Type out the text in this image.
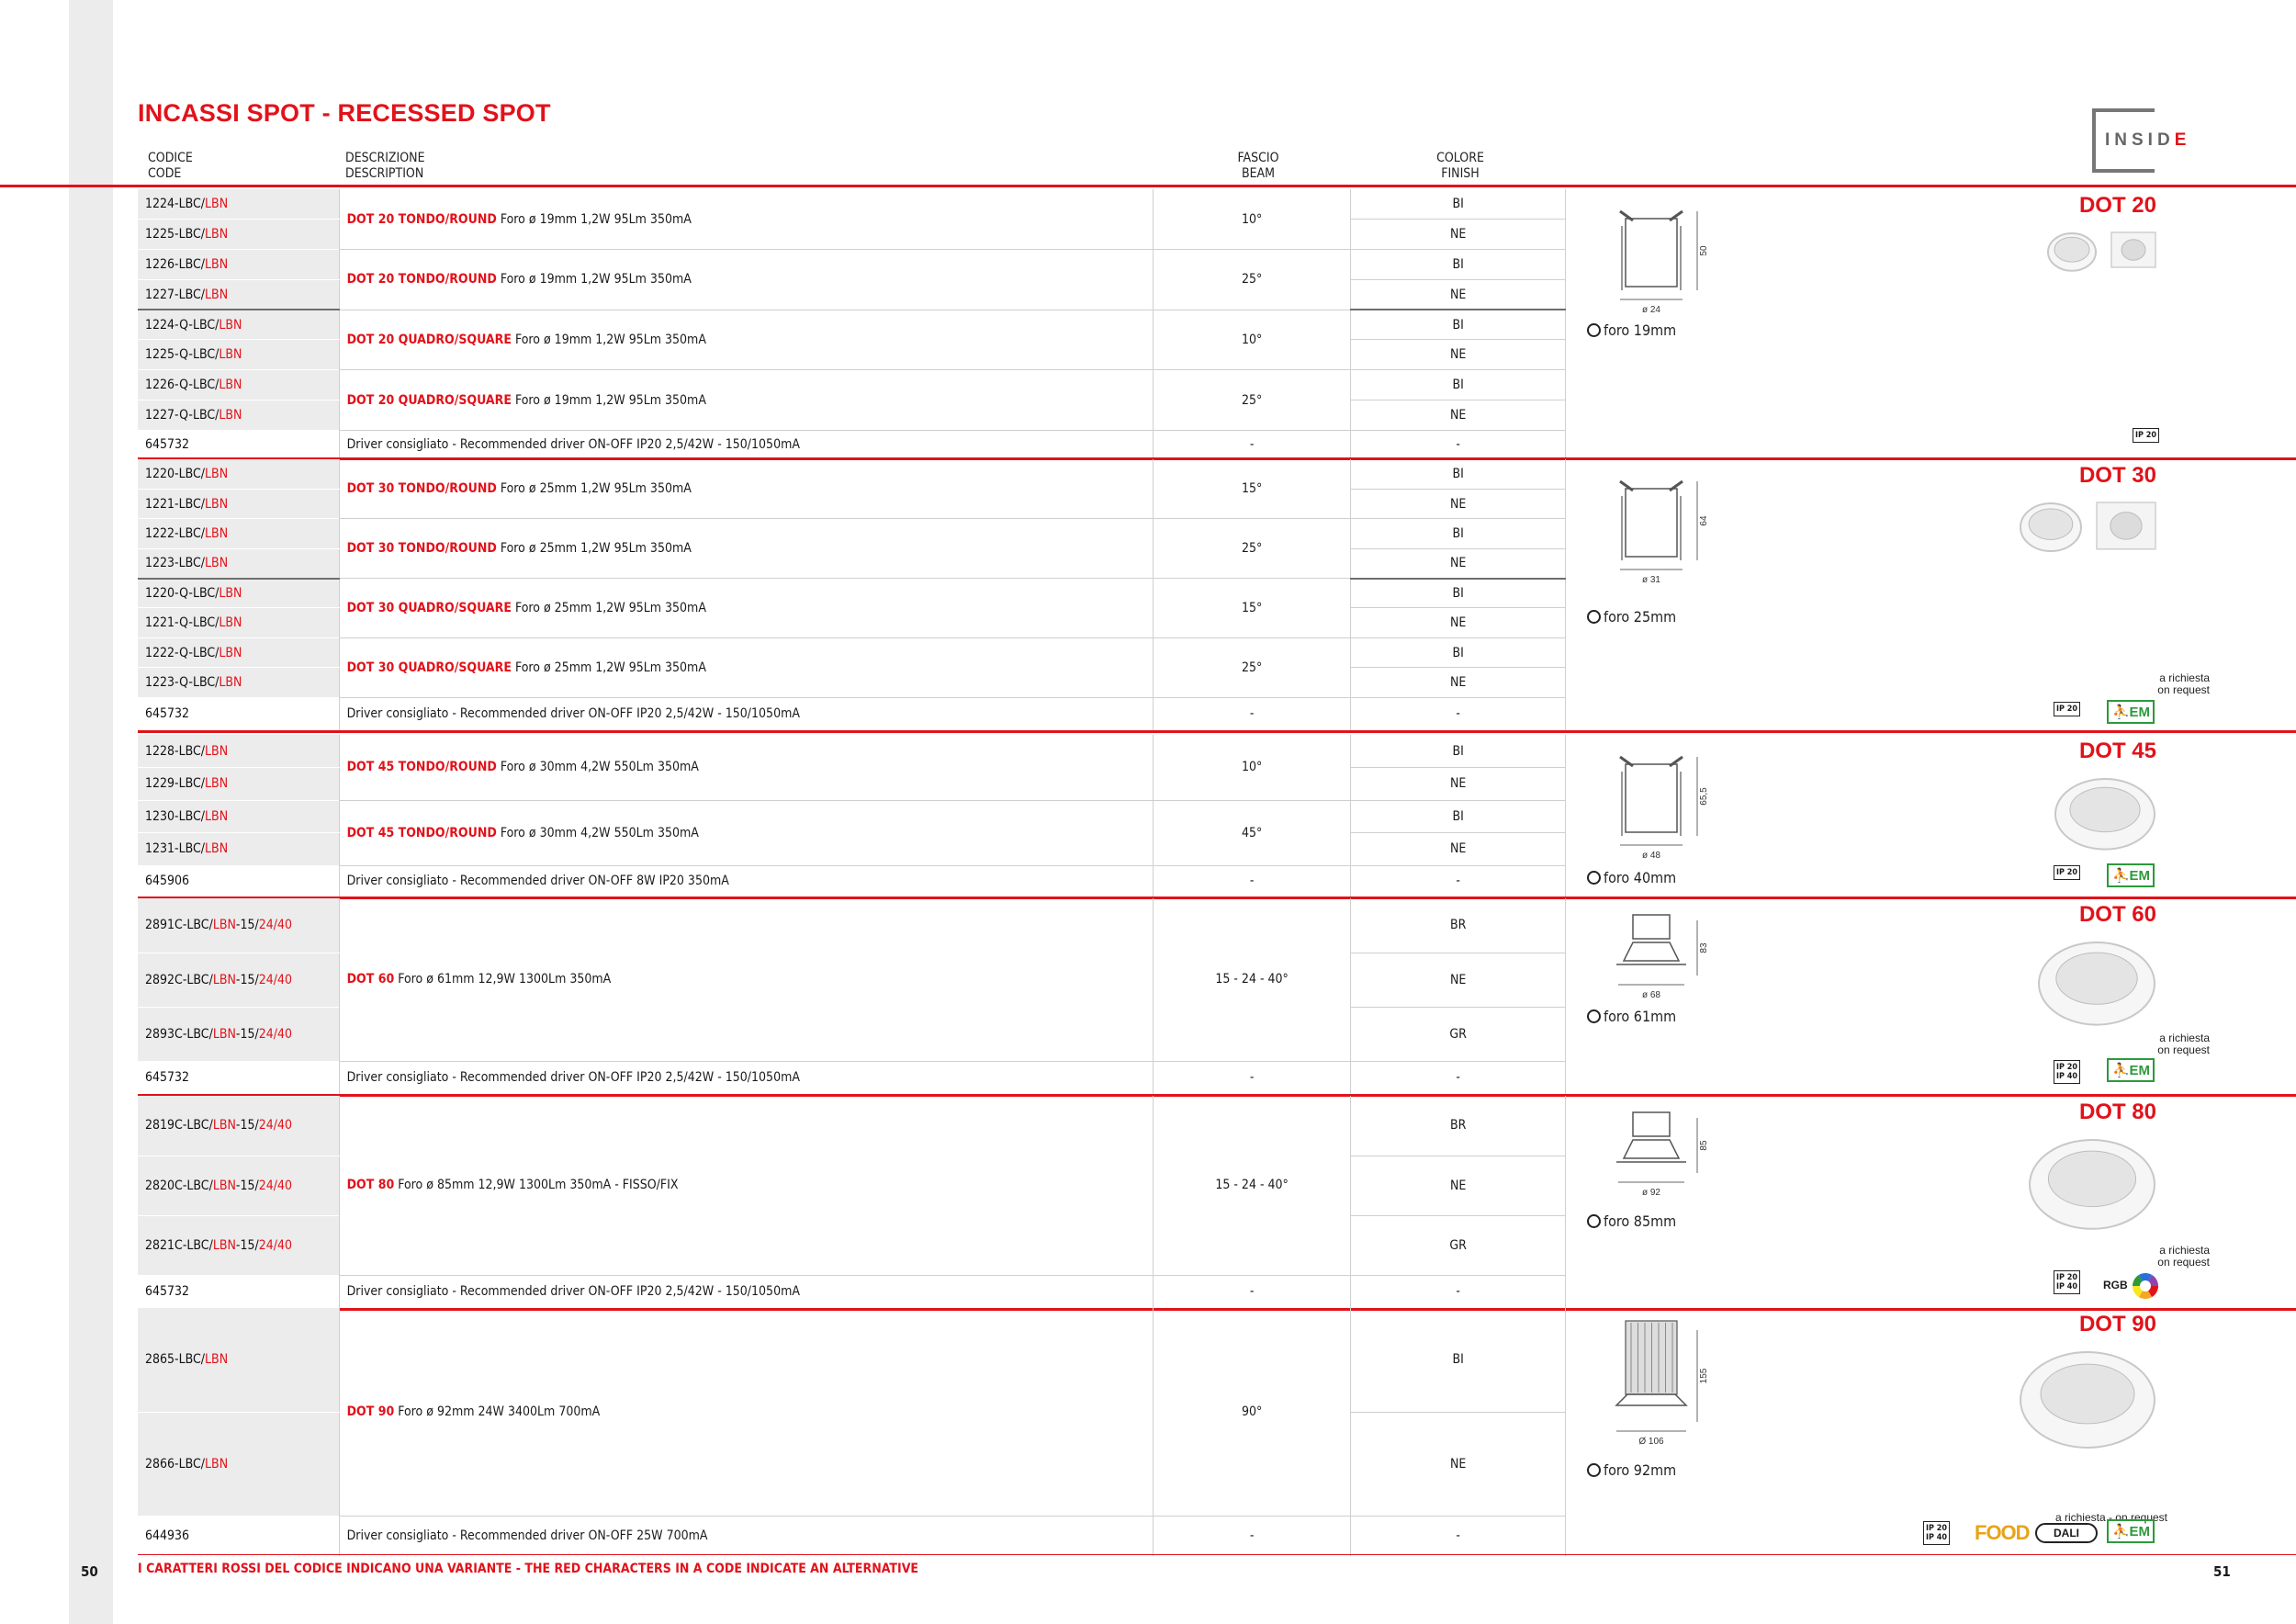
INCASSI SPOT - RECESSED SPOT
INSIDE
CODICE
CODE
DESCRIZIONE
DESCRIPTION
FASCIO
BEAM
COLORE
FINISH
1224-LBC/LBN	DOT 20 TONDO/ROUND Foro ø 19mm 1,2W 95Lm 350mA	10°	BI
1225-LBC/LBN			NE
1226-LBC/LBN	DOT 20 TONDO/ROUND Foro ø 19mm 1,2W 95Lm 350mA	25°	BI
1227-LBC/LBN			NE
1224-Q-LBC/LBN	DOT 20 QUADRO/SQUARE Foro ø 19mm 1,2W 95Lm 350mA	10°	BI
1225-Q-LBC/LBN			NE
1226-Q-LBC/LBN	DOT 20 QUADRO/SQUARE Foro ø 19mm 1,2W 95Lm 350mA	25°	BI
1227-Q-LBC/LBN			NE
645732	Driver consigliato - Recommended driver ON-OFF IP20 2,5/42W - 150/1050mA	-	-
1220-LBC/LBN	DOT 30 TONDO/ROUND Foro ø 25mm 1,2W 95Lm 350mA	15°	BI
1221-LBC/LBN			NE
1222-LBC/LBN	DOT 30 TONDO/ROUND Foro ø 25mm 1,2W 95Lm 350mA	25°	BI
1223-LBC/LBN			NE
1220-Q-LBC/LBN	DOT 30 QUADRO/SQUARE Foro ø 25mm 1,2W 95Lm 350mA	15°	BI
1221-Q-LBC/LBN			NE
1222-Q-LBC/LBN	DOT 30 QUADRO/SQUARE Foro ø 25mm 1,2W 95Lm 350mA	25°	BI
1223-Q-LBC/LBN			NE
645732	Driver consigliato - Recommended driver ON-OFF IP20 2,5/42W - 150/1050mA	-	-
1228-LBC/LBN	DOT 45 TONDO/ROUND Foro ø 30mm 4,2W 550Lm 350mA	10°	BI
1229-LBC/LBN			NE
1230-LBC/LBN	DOT 45 TONDO/ROUND Foro ø 30mm 4,2W 550Lm 350mA	45°	BI
1231-LBC/LBN			NE
645906	Driver consigliato - Recommended driver ON-OFF 8W IP20 350mA	-	-
2891C-LBC/LBN-15/24/40	DOT 60 Foro ø 61mm 12,9W 1300Lm 350mA	15 - 24 - 40°	BR
2892C-LBC/LBN-15/24/40			NE
2893C-LBC/LBN-15/24/40			GR
645732	Driver consigliato - Recommended driver ON-OFF IP20 2,5/42W - 150/1050mA	-	-
2819C-LBC/LBN-15/24/40	DOT 80 Foro ø 85mm 12,9W 1300Lm 350mA - FISSO/FIX	15 - 24 - 40°	BR
2820C-LBC/LBN-15/24/40			NE
2821C-LBC/LBN-15/24/40			GR
645732	Driver consigliato - Recommended driver ON-OFF IP20 2,5/42W - 150/1050mA	-	-
2865-LBC/LBN	DOT 90 Foro ø 92mm 24W 3400Lm 700mA	90°	BI
2866-LBC/LBN			NE
644936	Driver consigliato - Recommended driver ON-OFF 25W 700mA	-	-
DOT 20
50
ø 24
foro 19mm
IP 20
DOT 30
64
ø 31
foro 25mm
IP 20
a richiesta
on request
⛹ EM
DOT 45
65,5
ø 48
foro 40mm	IP 20	⛹ EM
DOT 60
83
ø 68
foro 61mm
IP 20
IP 40
a richiesta
on request
⛹ EM
DOT 80
85
ø 92
foro 85mm
IP 20
IP 40
a richiesta
on request
RGB
DOT 90
155
Ø 106
foro 92mm
IP 20
IP 40
a richiesta - on request
⛹ EM
FOOD	DALI
I CARATTERI ROSSI DEL CODICE INDICANO UNA VARIANTE - THE RED CHARACTERS IN A CODE INDICATE AN ALTERNATIVE
50	51
